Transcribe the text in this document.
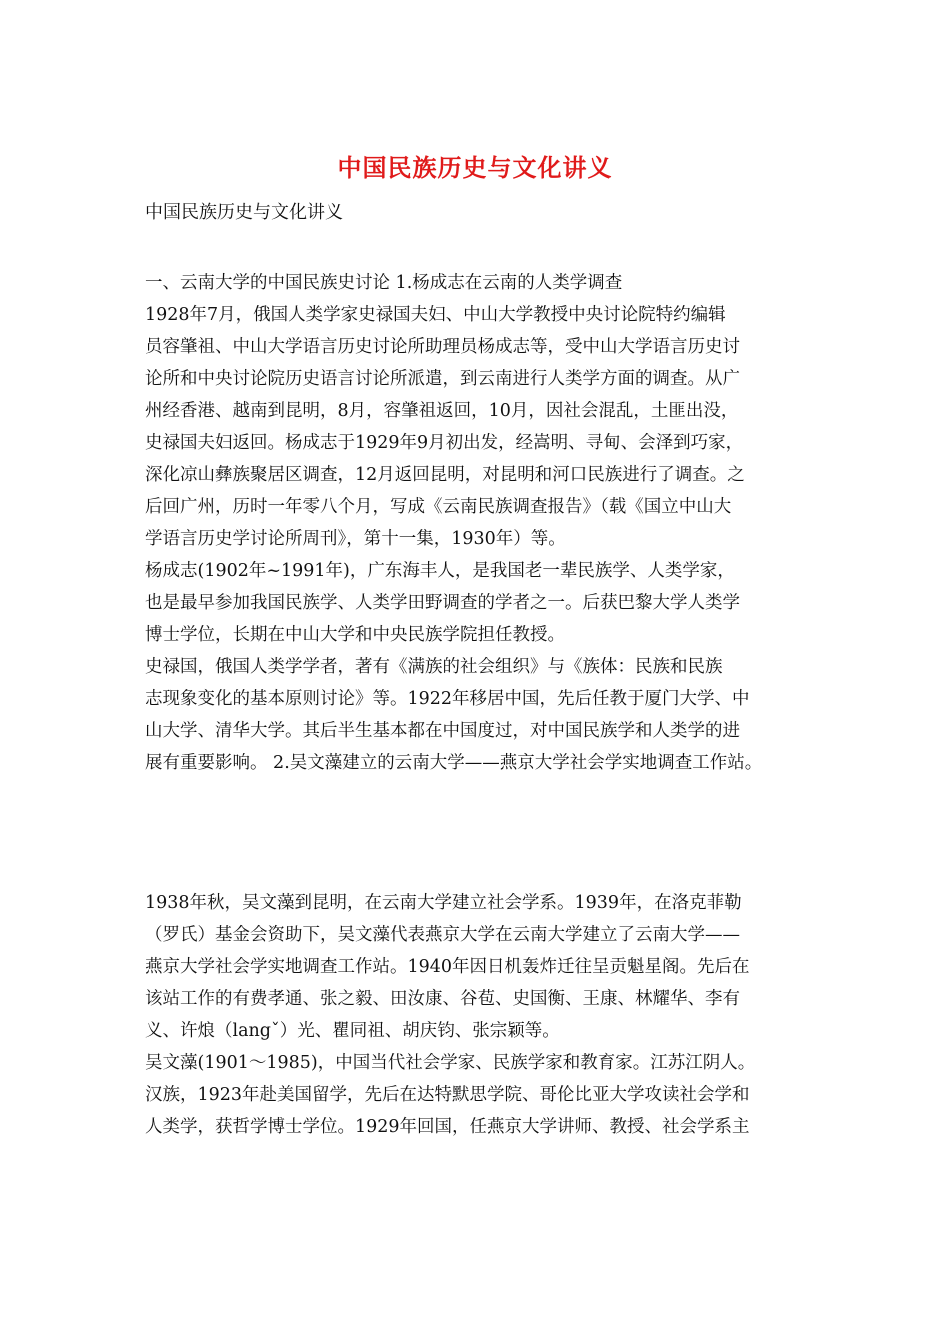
中国民族历史与文化讲义
中国民族历史与文化讲义
一、云南大学的中国民族史讨论 1.杨成志在云南的人类学调查
1928年7月，俄国人类学家史禄国夫妇、中山大学教授中央讨论院特约编辑
员容肇祖、中山大学语言历史讨论所助理员杨成志等，受中山大学语言历史讨
论所和中央讨论院历史语言讨论所派遣，到云南进行人类学方面的调查。从广
州经香港、越南到昆明，8月，容肇祖返回，10月，因社会混乱，土匪出没，
史禄国夫妇返回。杨成志于1929年9月初出发，经嵩明、寻甸、会泽到巧家，
深化凉山彝族聚居区调查，12月返回昆明，对昆明和河口民族进行了调查。之
后回广州，历时一年零八个月，写成《云南民族调查报告》（载《国立中山大
学语言历史学讨论所周刊》，第十一集，1930年）等。
杨成志(1902年~1991年)，广东海丰人，是我国老一辈民族学、人类学家，
也是最早参加我国民族学、人类学田野调查的学者之一。后获巴黎大学人类学
博士学位，长期在中山大学和中央民族学院担任教授。
史禄国，俄国人类学学者，著有《满族的社会组织》与《族体：民族和民族
志现象变化的基本原则讨论》等。1922年移居中国，先后任教于厦门大学、中
山大学、清华大学。其后半生基本都在中国度过，对中国民族学和人类学的进
展有重要影响。 2.吴文藻建立的云南大学——燕京大学社会学实地调查工作站。
1938年秋，吴文藻到昆明，在云南大学建立社会学系。1939年，在洛克菲勒
（罗氏）基金会资助下，吴文藻代表燕京大学在云南大学建立了云南大学——
燕京大学社会学实地调查工作站。1940年因日机轰炸迁往呈贡魁星阁。先后在
该站工作的有费孝通、张之毅、田汝康、谷苞、史国衡、王康、林耀华、李有
义、许烺（langˇ）光、瞿同祖、胡庆钧、张宗颖等。
吴文藻(1901～1985)，中国当代社会学家、民族学家和教育家。江苏江阴人。
汉族，1923年赴美国留学，先后在达特默思学院、哥伦比亚大学攻读社会学和
人类学，获哲学博士学位。1929年回国，任燕京大学讲师、教授、社会学系主
